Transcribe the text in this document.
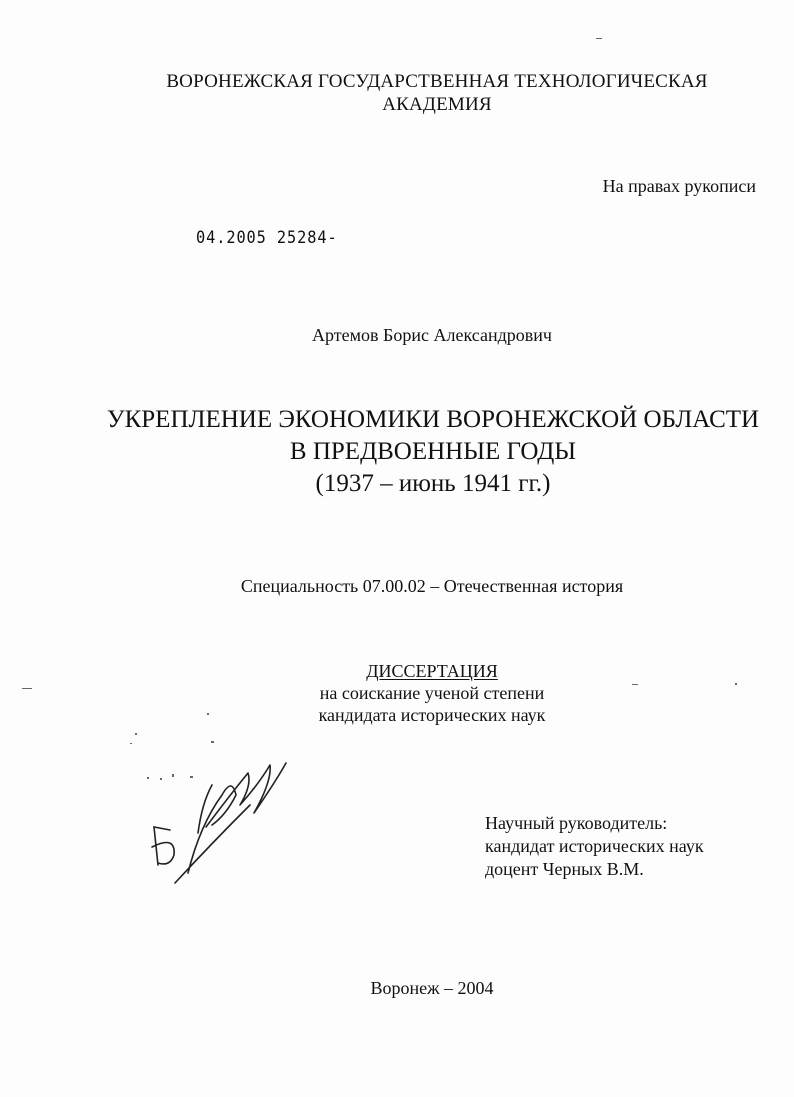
ВОРОНЕЖСКАЯ ГОСУДАРСТВЕННАЯ ТЕХНОЛОГИЧЕСКАЯ
АКАДЕМИЯ
На правах рукописи
04.2005 25284-
Артемов Борис Александрович
УКРЕПЛЕНИЕ ЭКОНОМИКИ ВОРОНЕЖСКОЙ ОБЛАСТИ
В ПРЕДВОЕННЫЕ ГОДЫ
(1937 – июнь 1941 гг.)
Специальность 07.00.02 – Отечественная история
ДИССЕРТАЦИЯ
на соискание ученой степени
кандидата исторических наук
Научный руководитель:
кандидат исторических наук
доцент Черных В.М.
Воронеж – 2004
